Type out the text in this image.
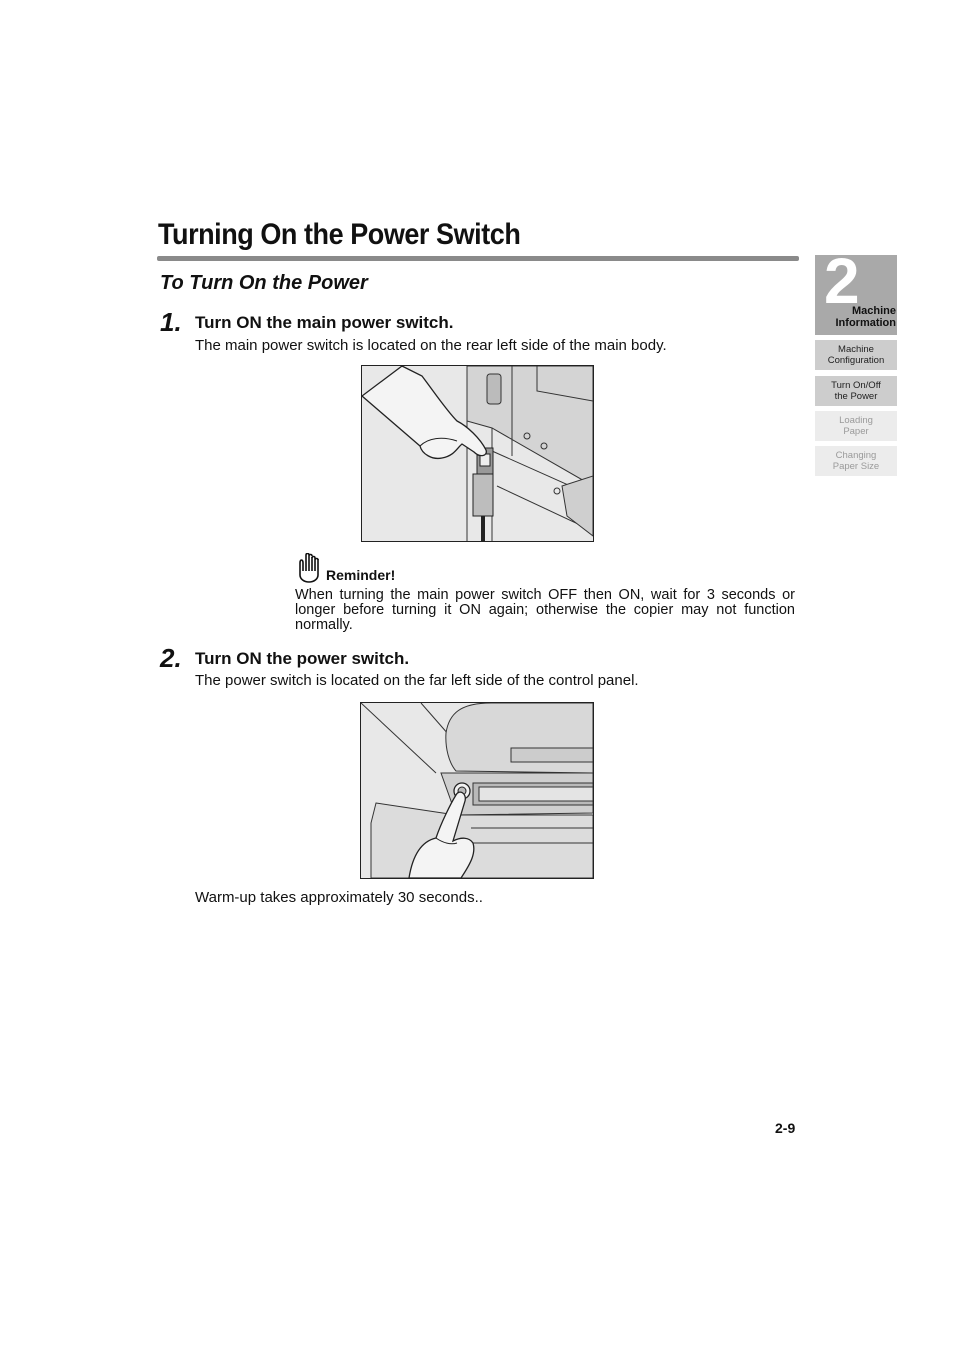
Turning On the Power Switch
To Turn On the Power
1. Turn ON the main power switch.
The main power switch is located on the rear left side of the main body.
Reminder!
When turning the main power switch OFF then ON, wait for 3 seconds or longer before turning it ON again; otherwise the copier may not function normally.
2. Turn ON the power switch.
The power switch is located on the far left side of the control panel.
Warm-up takes approximately 30 seconds..
2-9
2
Machine
Information
Machine
Configuration
Turn On/Off
the Power
Loading
Paper
Changing
Paper Size
